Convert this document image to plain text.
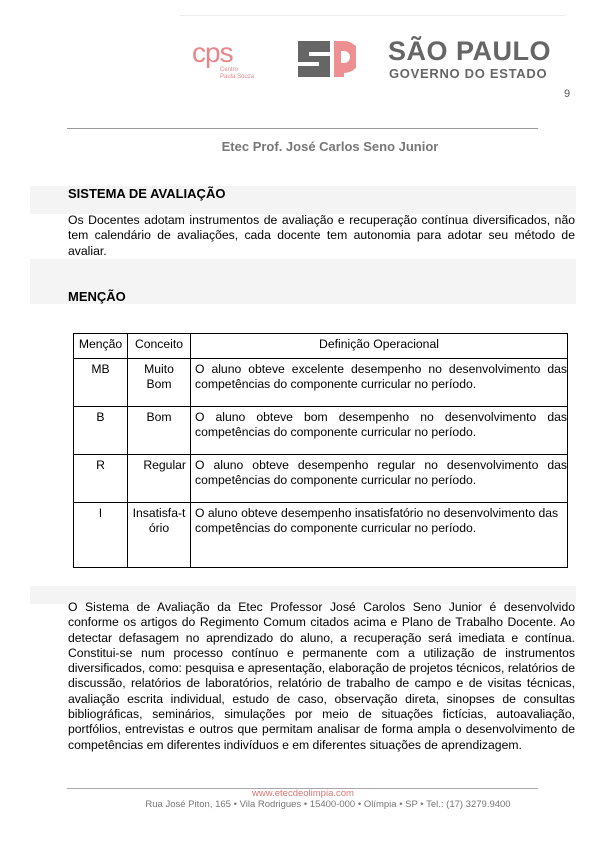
cps
Centro
Paula Souza
SÃO PAULO
GOVERNO DO ESTADO
9
Etec Prof. José Carlos Seno Junior
SISTEMA DE AVALIAÇÃO
Os Docentes adotam instrumentos de avaliação e recuperação contínua diversificados, não tem calendário de avaliações, cada docente tem autonomia para adotar seu método de avaliar.
MENÇÃO
Menção	Conceito	Definição Operacional
MB	Muito Bom	O aluno obteve excelente desempenho no desenvolvimento das competências do componente curricular no período.
B	Bom	O aluno obteve bom desempenho no desenvolvimento das competências do componente curricular no período.
R	Regular	O aluno obteve desempenho regular no desenvolvimento das competências do componente curricular no período.
I	Insatisfa-tório	O aluno obteve desempenho insatisfatório no desenvolvimento das competências do componente curricular no período.
O Sistema de Avaliação da Etec Professor José Carolos Seno Junior é desenvolvido conforme os artigos do Regimento Comum citados acima e Plano de Trabalho Docente. Ao detectar defasagem no aprendizado do aluno, a recuperação será imediata e contínua. Constitui-se num processo contínuo e permanente com a utilização de instrumentos diversificados, como: pesquisa e apresentação, elaboração de projetos técnicos, relatórios de discussão, relatórios de laboratórios, relatório de trabalho de campo e de visitas técnicas, avaliação escrita individual, estudo de caso, observação direta, sinopses de consultas bibliográficas, seminários, simulações por meio de situações fictícias, autoavaliação, portfólios, entrevistas e outros que permitam analisar de forma ampla o desenvolvimento de competências em diferentes indivíduos e em diferentes situações de aprendizagem.
www.etecdeolimpia.com
Rua José Piton, 165 • Vila Rodrigues • 15400-000 • Olímpia • SP • Tel.: (17) 3279.9400
